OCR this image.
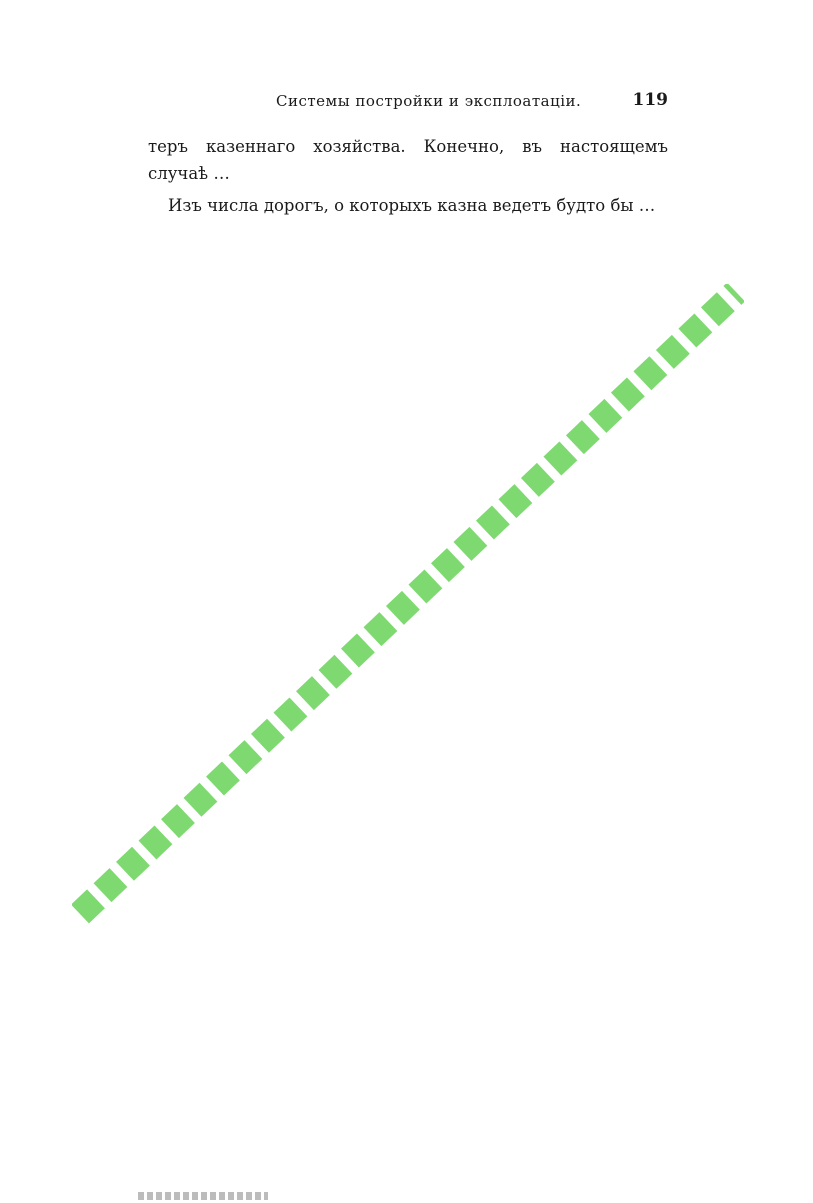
Системы постройки и эксплоатаціи.	119

теръ казеннаго хозяйства. Конечно, въ настоящемъ случаѣ …

Изъ числа дорогъ, о которыхъ казна ведетъ будто бы …
